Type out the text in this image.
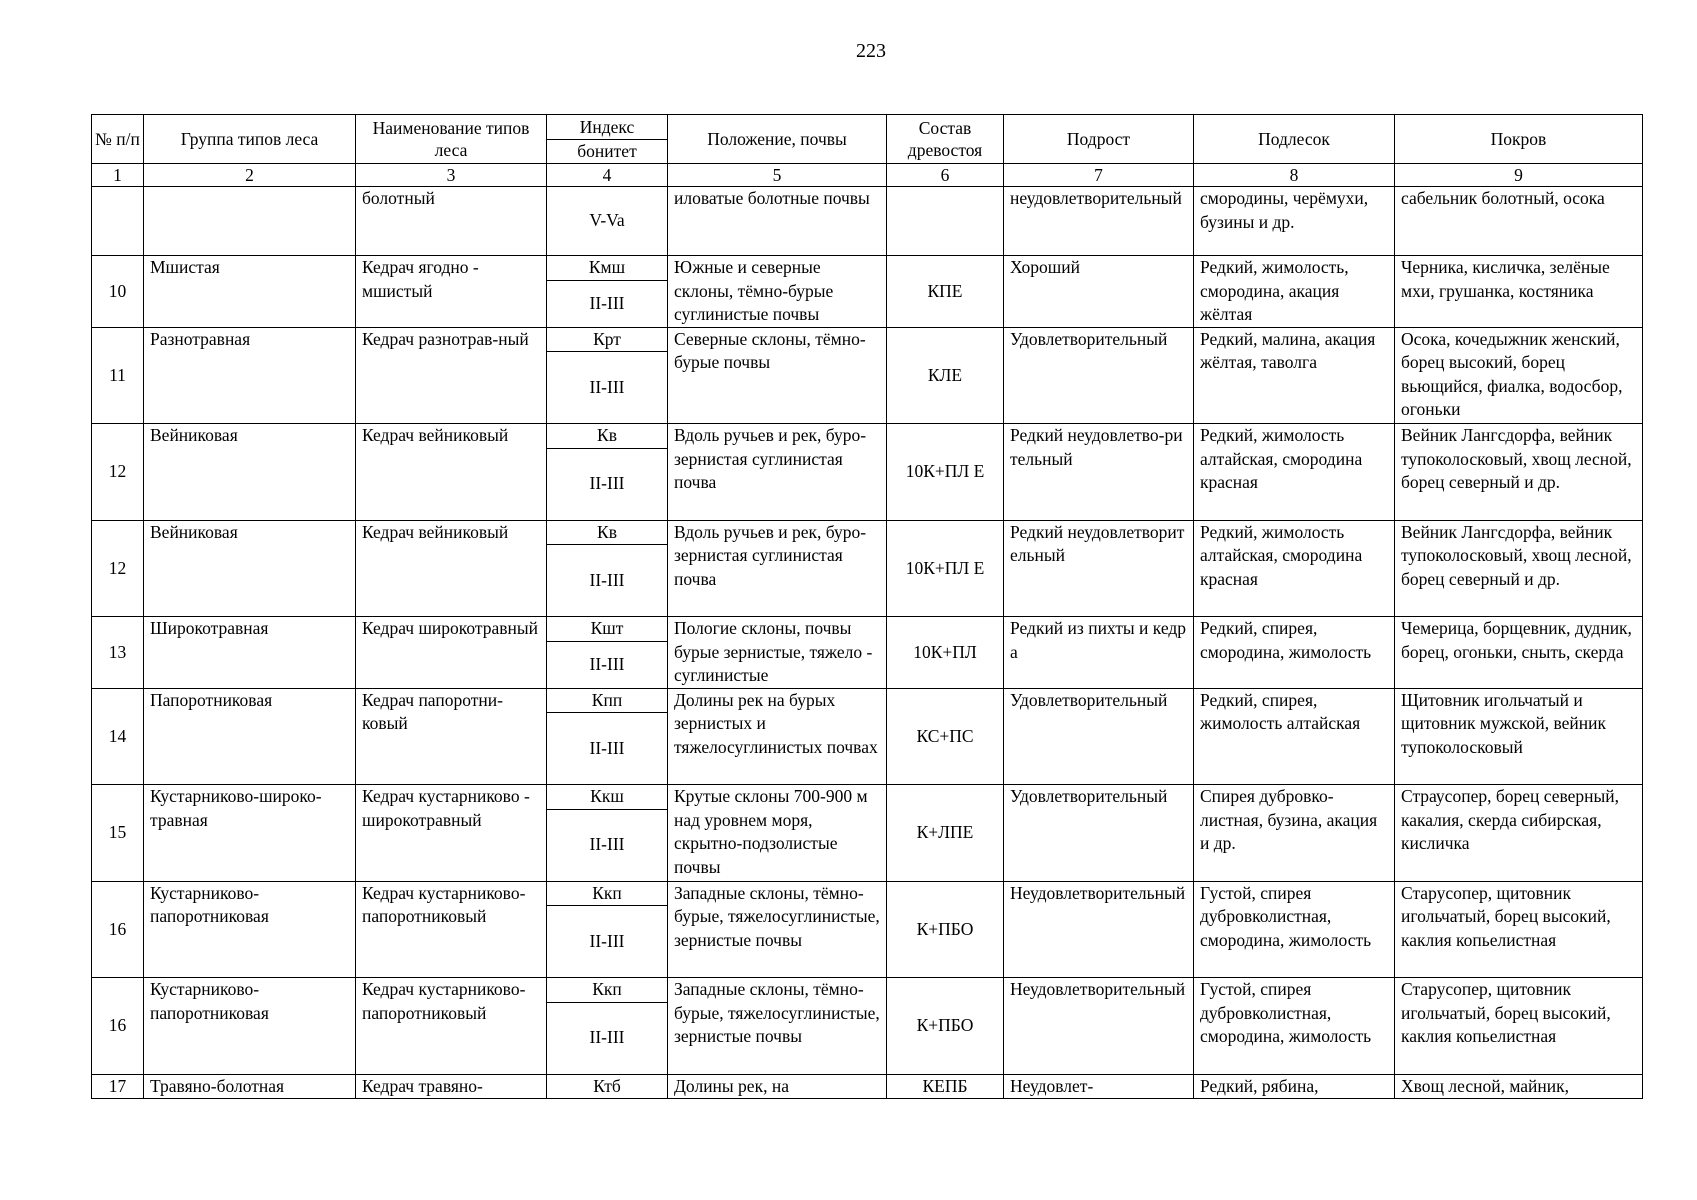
223
№ п/п	Группа типов леса	Наименование типов леса	Индекс	Положение, почвы	Состав древостоя	Подрост	Подлесок	Покров
			бонитет					
1	2	3	4	5	6	7	8	9
		болотный	V-Va	иловатые болотные почвы		неудовлетворительный	смородины, черёмухи, бузины и др.	сабельник болотный, осока
10	Мшистая	Кедрач ягодно - мшистый	Кмш	Южные и северные склоны, тёмно-бурые суглинистые почвы	КПЕ	Хороший	Редкий, жимолость, смородина, акация жёлтая	Черника, кисличка, зелёные мхи, грушанка, костяника
			II-III					
11	Разнотравная	Кедрач разнотрав-ный	Крт	Северные склоны, тёмно-бурые почвы	КЛЕ	Удовлетворительный	Редкий, малина, акация жёлтая, таволга	Осока, кочедыжник женский, борец высокий, борец вьющийся, фиалка, водосбор, огоньки
			II-III					
12	Вейниковая	Кедрач вейниковый	Кв	Вдоль ручьев и рек, буро-зернистая суглинистая почва	10К+ПЛ Е	Редкий неудовлетво-рительный	Редкий, жимолость алтайская, смородина красная	Вейник Лангсдорфа, вейник тупоколосковый, хвощ лесной, борец северный и др.
			II-III					
12	Вейниковая	Кедрач вейниковый	Кв	Вдоль ручьев и рек, буро-зернистая суглинистая почва	10К+ПЛ Е	Редкий неудовлетворительный	Редкий, жимолость алтайская, смородина красная	Вейник Лангсдорфа, вейник тупоколосковый, хвощ лесной, борец северный и др.
			II-III					
13	Широкотравная	Кедрач широкотравный	Кшт	Пологие склоны, почвы бурые зернистые, тяжело - суглинистые	10К+ПЛ	Редкий из пихты и кедра	Редкий, спирея, смородина, жимолость	Чемерица, борщевник, дудник, борец, огоньки, сныть, скерда
			II-III					
14	Папоротниковая	Кедрач папоротни-ковый	Кпп	Долины рек на бурых зернистых и тяжелосуглинистых почвах	КС+ПС	Удовлетворительный	Редкий, спирея, жимолость алтайская	Щитовник игольчатый и щитовник мужской, вейник тупоколосковый
			II-III					
15	Кустарниково-широко-травная	Кедрач кустарниково - широкотравный	Ккш	Крутые склоны 700-900 м над уровнем моря, скрытно-подзолистые почвы	К+ЛПЕ	Удовлетворительный	Спирея дубровко-листная, бузина, акация и др.	Страусопер, борец северный, какалия, скерда сибирская, кисличка
			II-III					
16	Кустарниково-папоротниковая	Кедрач кустарниково-папоротниковый	Ккп	Западные склоны, тёмно-бурые, тяжелосуглинистые, зернистые почвы	К+ПБО	Неудовлетворительный	Густой, спирея дубровколистная, смородина, жимолость	Старусопер, щитовник игольчатый, борец высокий, каклия копьелистная
			II-III					
16	Кустарниково-папоротниковая	Кедрач кустарниково-папоротниковый	Ккп	Западные склоны, тёмно-бурые, тяжелосуглинистые, зернистые почвы	К+ПБО	Неудовлетворительный	Густой, спирея дубровколистная, смородина, жимолость	Старусопер, щитовник игольчатый, борец высокий, каклия копьелистная
			II-III					
17	Травяно-болотная	Кедрач травяно-	Ктб	Долины рек, на	КЕПБ	Неудовлет-	Редкий, рябина,	Хвощ лесной, майник,
